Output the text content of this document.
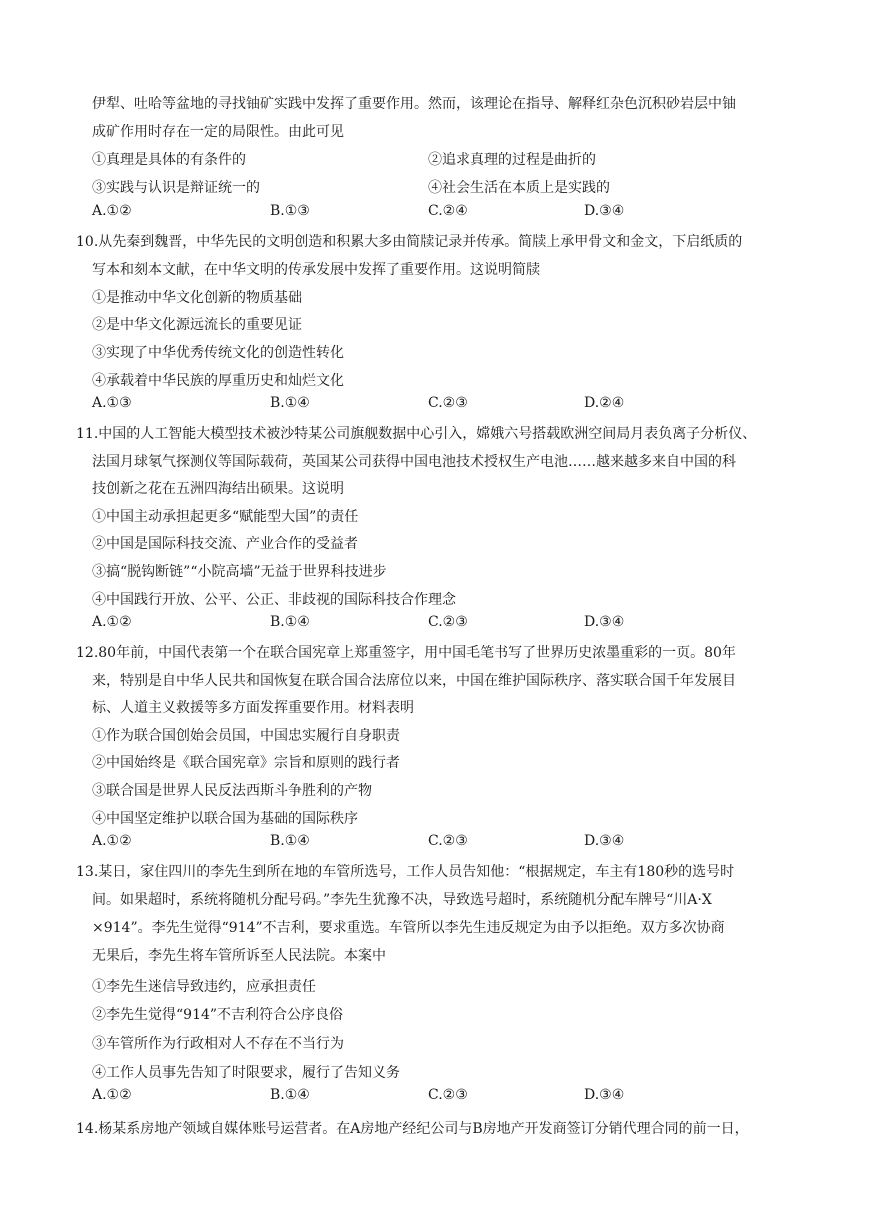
伊犁、吐哈等盆地的寻找铀矿实践中发挥了重要作用。然而，该理论在指导、解释红杂色沉积砂岩层中铀
成矿作用时存在一定的局限性。由此可见
①真理是具体的有条件的	②追求真理的过程是曲折的
③实践与认识是辩证统一的	④社会生活在本质上是实践的
A.①②	B.①③	C.②④	D.③④
10.从先秦到魏晋，中华先民的文明创造和积累大多由简牍记录并传承。简牍上承甲骨文和金文，下启纸质的
写本和刻本文献，在中华文明的传承发展中发挥了重要作用。这说明简牍
①是推动中华文化创新的物质基础
②是中华文化源远流长的重要见证
③实现了中华优秀传统文化的创造性转化
④承载着中华民族的厚重历史和灿烂文化
A.①③	B.①④	C.②③	D.②④
11.中国的人工智能大模型技术被沙特某公司旗舰数据中心引入，嫦娥六号搭载欧洲空间局月表负离子分析仪、
法国月球氡气探测仪等国际载荷，英国某公司获得中国电池技术授权生产电池……越来越多来自中国的科
技创新之花在五洲四海结出硕果。这说明
①中国主动承担起更多“赋能型大国”的责任
②中国是国际科技交流、产业合作的受益者
③搞“脱钩断链”“小院高墙”无益于世界科技进步
④中国践行开放、公平、公正、非歧视的国际科技合作理念
A.①②	B.①④	C.②③	D.③④
12.80年前，中国代表第一个在联合国宪章上郑重签字，用中国毛笔书写了世界历史浓墨重彩的一页。80年
来，特别是自中华人民共和国恢复在联合国合法席位以来，中国在维护国际秩序、落实联合国千年发展目
标、人道主义救援等多方面发挥重要作用。材料表明
①作为联合国创始会员国，中国忠实履行自身职责
②中国始终是《联合国宪章》宗旨和原则的践行者
③联合国是世界人民反法西斯斗争胜利的产物
④中国坚定维护以联合国为基础的国际秩序
A.①②	B.①④	C.②③	D.③④
13.某日，家住四川的李先生到所在地的车管所选号，工作人员告知他：“根据规定，车主有180秒的选号时
间。如果超时，系统将随机分配号码。”李先生犹豫不决，导致选号超时，系统随机分配车牌号“川A·X
×914”。李先生觉得“914”不吉利，要求重选。车管所以李先生违反规定为由予以拒绝。双方多次协商
无果后，李先生将车管所诉至人民法院。本案中
①李先生迷信导致违约，应承担责任
②李先生觉得“914”不吉利符合公序良俗
③车管所作为行政相对人不存在不当行为
④工作人员事先告知了时限要求，履行了告知义务
A.①②	B.①④	C.②③	D.③④
14.杨某系房地产领域自媒体账号运营者。在A房地产经纪公司与B房地产开发商签订分销代理合同的前一日，
